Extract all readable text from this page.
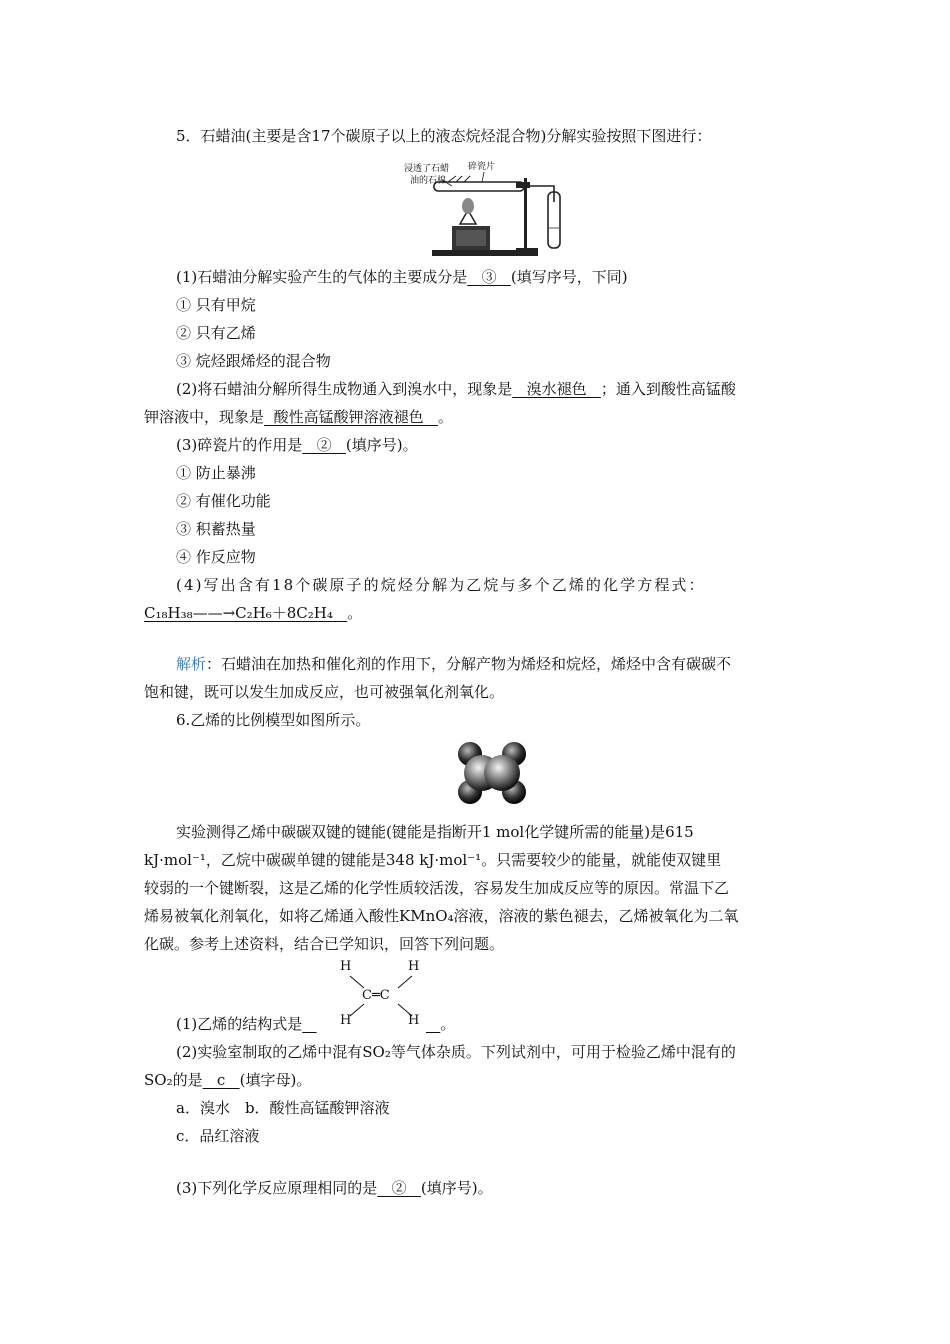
5．石蜡油(主要是含17个碳原子以上的液态烷烃混合物)分解实验按照下图进行：
浸透了石蜡
油的石棉
碎瓷片
(1)石蜡油分解实验产生的气体的主要成分是 ③ (填写序号，下同)
① 只有甲烷
② 只有乙烯
③ 烷烃跟烯烃的混合物
(2)将石蜡油分解所得生成物通入到溴水中，现象是 溴水褪色 ；通入到酸性高锰酸
钾溶液中，现象是 酸性高锰酸钾溶液褪色 。
(3)碎瓷片的作用是 ② (填序号)。
① 防止暴沸
② 有催化功能
③ 积蓄热量
④ 作反应物
(4)写出含有18个碳原子的烷烃分解为乙烷与多个乙烯的化学方程式：
C₁₈H₃₈——→C₂H₆＋8C₂H₄ 。
解析：石蜡油在加热和催化剂的作用下，分解产物为烯烃和烷烃，烯烃中含有碳碳不
饱和键，既可以发生加成反应，也可被强氧化剂氧化。
6.乙烯的比例模型如图所示。
实验测得乙烯中碳碳双键的键能(键能是指断开1 mol化学键所需的能量)是615
kJ·mol⁻¹，乙烷中碳碳单键的键能是348 kJ·mol⁻¹。只需要较少的能量，就能使双键里
较弱的一个键断裂，这是乙烯的化学性质较活泼，容易发生加成反应等的原因。常温下乙
烯易被氧化剂氧化，如将乙烯通入酸性KMnO₄溶液，溶液的紫色褪去，乙烯被氧化为二氧
化碳。参考上述资料，结合已学知识，回答下列问题。
H	H
C═C
H	H
(1)乙烯的结构式是	。
(2)实验室制取的乙烯中混有SO₂等气体杂质。下列试剂中，可用于检验乙烯中混有的
SO₂的是 c (填字母)。
a．溴水　b．酸性高锰酸钾溶液
c．品红溶液
(3)下列化学反应原理相同的是 ② (填序号)。
